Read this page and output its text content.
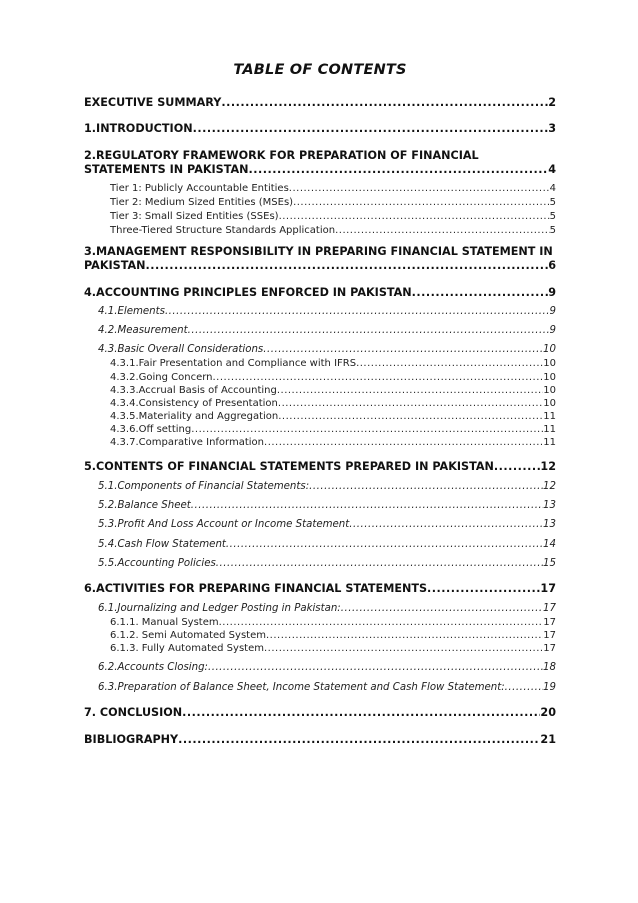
TABLE OF CONTENTS
EXECUTIVE SUMMARY .....	2
1.INTRODUCTION .....	3
2.REGULATORY FRAMEWORK FOR PREPARATION OF FINANCIAL
STATEMENTS IN PAKISTAN .....	4
Tier 1: Publicly Accountable Entities .....	4
Tier 2: Medium Sized Entities (MSEs) .....	5
Tier 3: Small Sized Entities (SSEs) .....	5
Three-Tiered Structure Standards Application .....	5
3.MANAGEMENT RESPONSIBILITY IN PREPARING FINANCIAL STATEMENT IN
PAKISTAN .....	6
4.ACCOUNTING PRINCIPLES ENFORCED IN PAKISTAN .....	9
4.1.Elements .....	9
4.2.Measurement .....	9
4.3.Basic Overall Considerations .....	10
4.3.1.Fair Presentation and Compliance with IFRS .....	10
4.3.2.Going Concern .....	10
4.3.3.Accrual Basis of Accounting .....	10
4.3.4.Consistency of Presentation .....	10
4.3.5.Materiality and Aggregation .....	11
4.3.6.Off setting .....	11
4.3.7.Comparative Information .....	11
5.CONTENTS OF FINANCIAL STATEMENTS PREPARED IN PAKISTAN .....	12
5.1.Components of Financial Statements: .....	12
5.2.Balance Sheet .....	13
5.3.Profit And Loss Account or Income Statement .....	13
5.4.Cash Flow Statement .....	14
5.5.Accounting Policies .....	15
6.ACTIVITIES FOR PREPARING FINANCIAL STATEMENTS .....	17
6.1.Journalizing and Ledger Posting in Pakistan: .....	17
6.1.1. Manual System .....	17
6.1.2. Semi Automated System .....	17
6.1.3. Fully Automated System .....	17
6.2.Accounts Closing: .....	18
6.3.Preparation of Balance Sheet, Income Statement and Cash Flow Statement: .....	19
7. CONCLUSION .....	20
BIBLIOGRAPHY .....	21
